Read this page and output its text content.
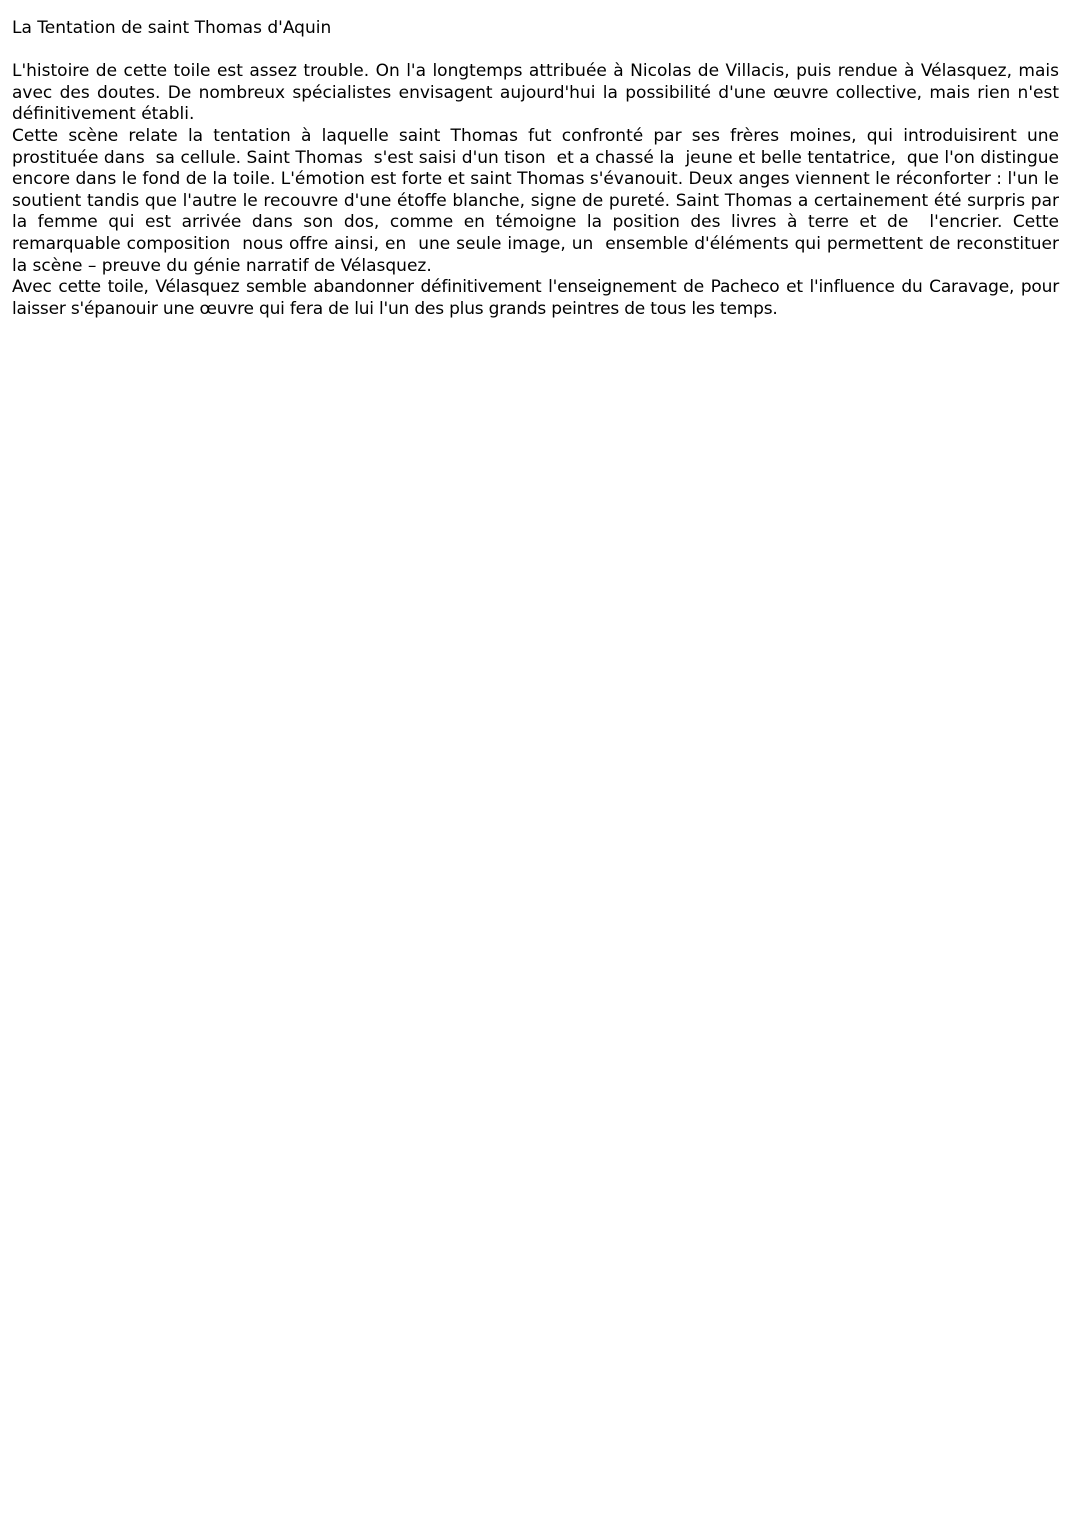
La Tentation de saint Thomas d'Aquin

L'histoire de cette toile est assez trouble. On l'a longtemps attribuée à Nicolas de Villacis, puis rendue à Vélasquez, mais avec des doutes. De nombreux spécialistes envisagent aujourd'hui la possibilité d'une œuvre collective, mais rien n'est définitivement établi.

Cette scène relate la tentation à laquelle saint Thomas fut confronté par ses frères moines, qui introduisirent une prostituée dans  sa cellule. Saint Thomas  s'est saisi d'un tison  et a chassé la  jeune et belle tentatrice,  que l'on distingue encore dans le fond de la toile. L'émotion est forte et saint Thomas s'évanouit. Deux anges viennent le réconforter : l'un le soutient tandis que l'autre le recouvre d'une étoffe blanche, signe de pureté. Saint Thomas a certainement été surpris par la femme qui est arrivée dans son dos, comme en témoigne la position des livres à terre et de  l'encrier. Cette remarquable composition  nous offre ainsi, en  une seule image, un  ensemble d'éléments qui permettent de reconstituer la scène – preuve du génie narratif de Vélasquez.

Avec cette toile, Vélasquez semble abandonner définitivement l'enseignement de Pacheco et l'influence du Caravage, pour laisser s'épanouir une œuvre qui fera de lui l'un des plus grands peintres de tous les temps.
